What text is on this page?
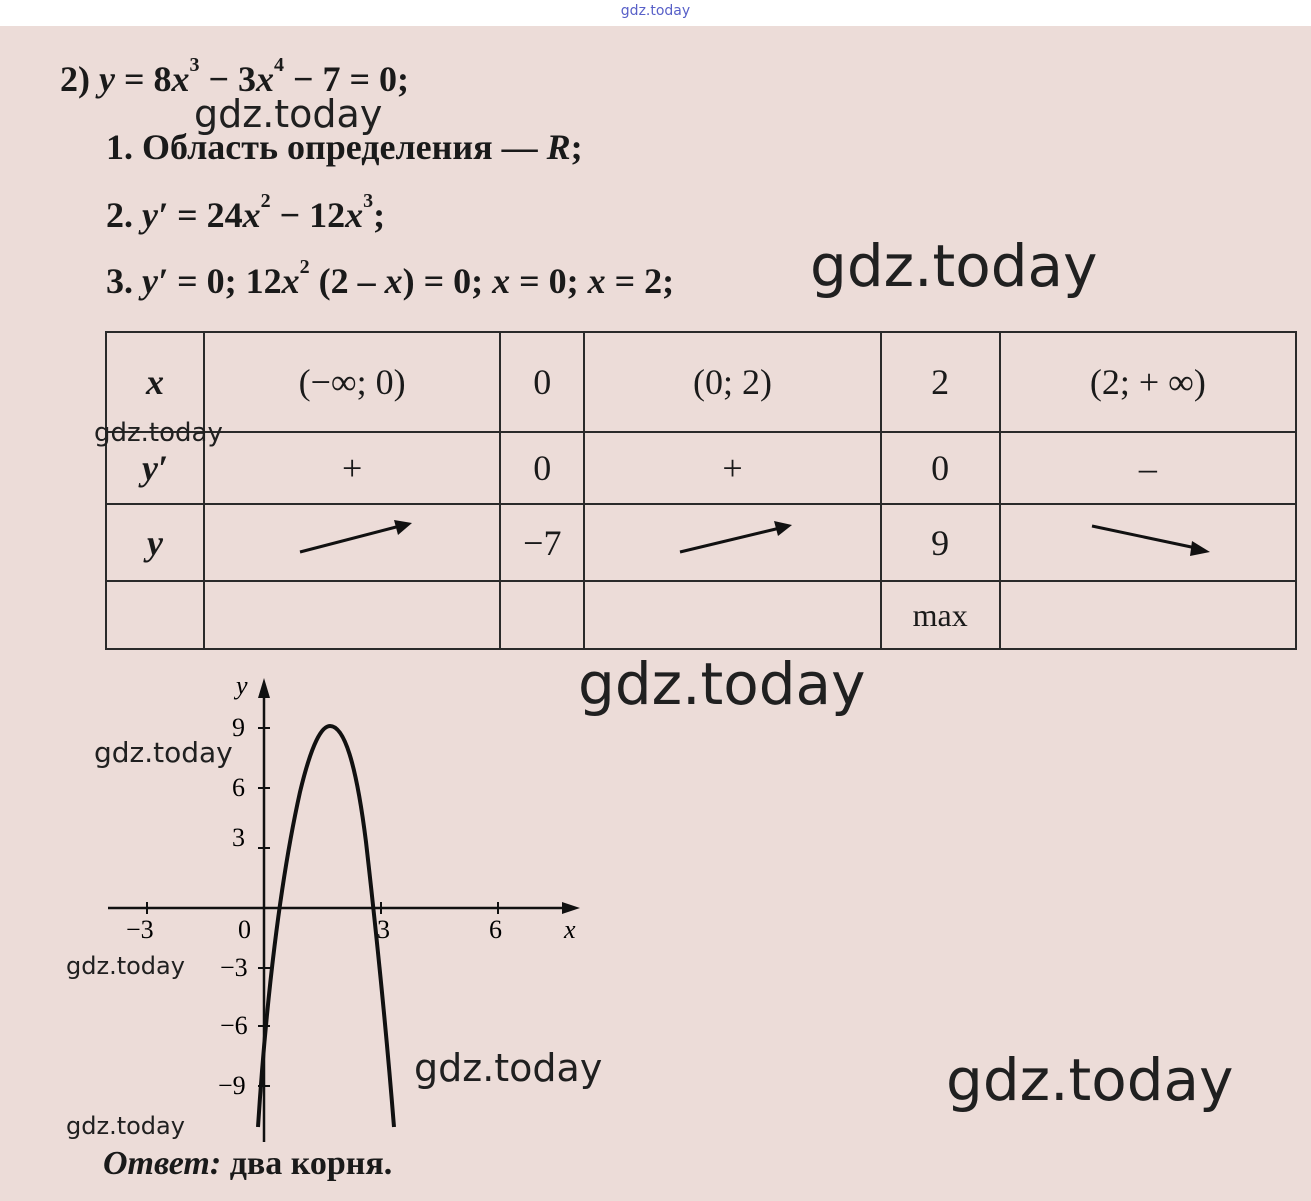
gdz.today
2) $y = 8x^3 - 3x^4 - 7 = 0$;
1. Область определения — R;
2. $y' = 24x^2 - 12x^3$;
3. y′ = 0; $12x^2$ (2 – x) = 0; x = 0; x = 2;
x	(−∞; 0)	0	(0; 2)	2	(2; + ∞)
y′	+	0	+	0	–
y		−7		9	
				max	
y
x
−3	0	3	6
9
6
3
−3
−6
−9
Ответ: два корня.
gdz.today
gdz.today
gdz.today
gdz.today
gdz.today
gdz.today
gdz.today	gdz.today
gdz.today
